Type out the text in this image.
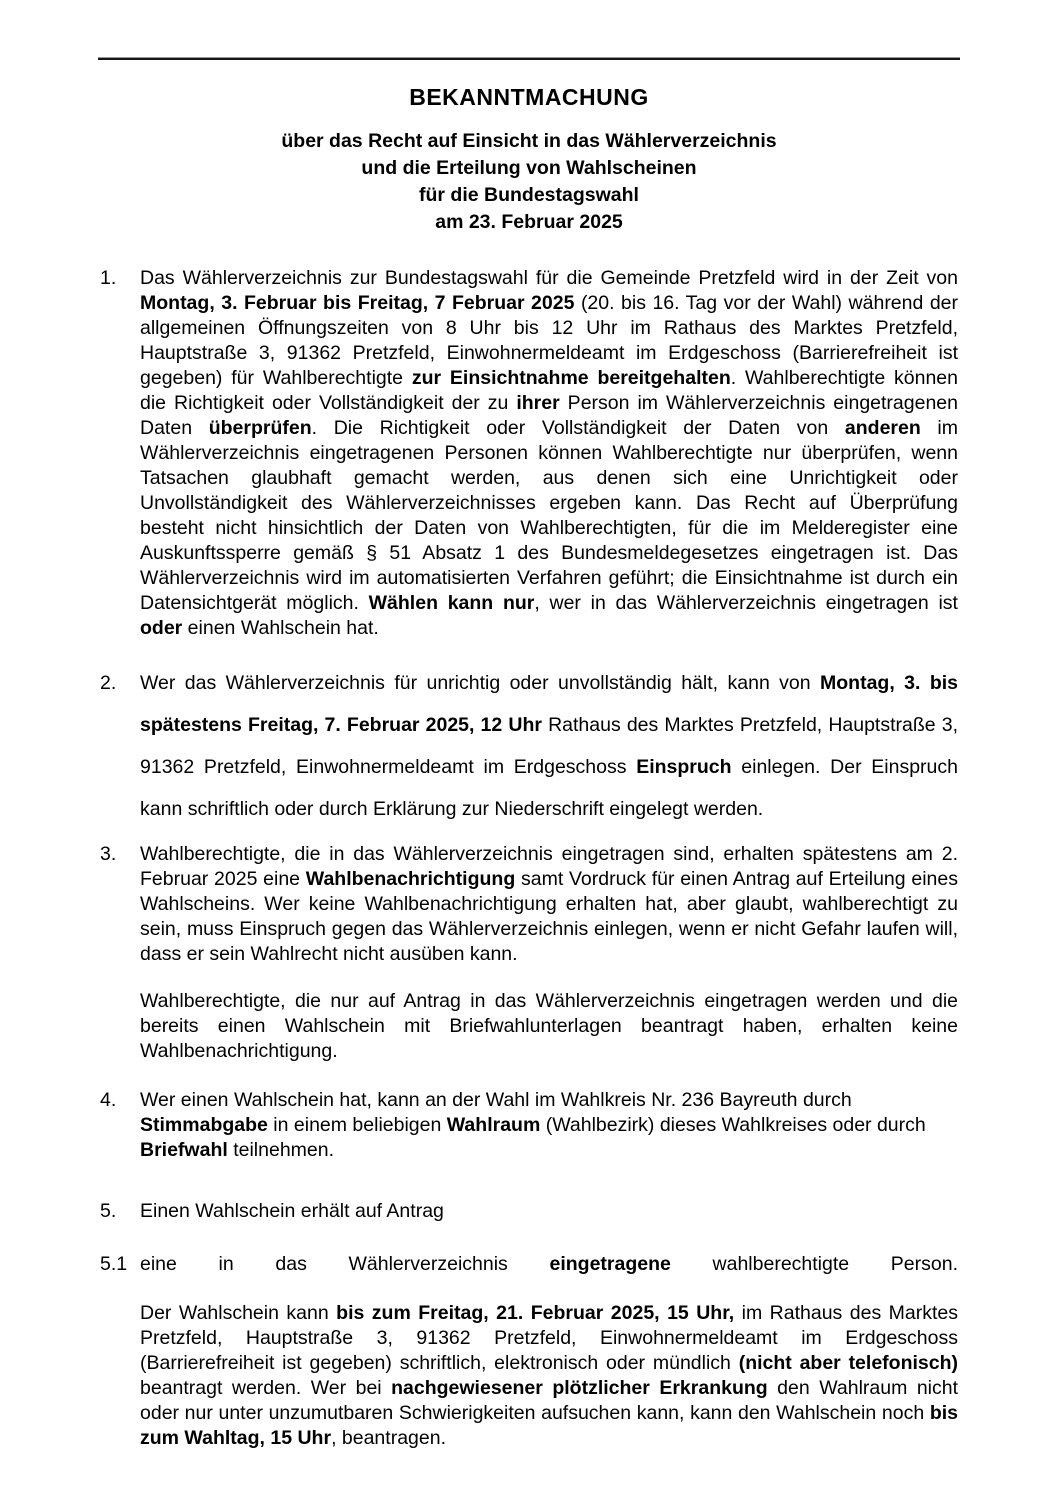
BEKANNTMACHUNG
über das Recht auf Einsicht in das Wählerverzeichnis
und die Erteilung von Wahlscheinen
für die Bundestagswahl
am 23. Februar 2025
1.	Das Wählerverzeichnis zur Bundestagswahl für die Gemeinde Pretzfeld wird in der Zeit von Montag, 3. Februar bis Freitag, 7 Februar 2025 (20. bis 16. Tag vor der Wahl) während der allgemeinen Öffnungszeiten von 8 Uhr bis 12 Uhr im Rathaus des Marktes Pretzfeld, Hauptstraße 3, 91362 Pretzfeld, Einwohnermeldeamt im Erdgeschoss (Barrierefreiheit ist gegeben) für Wahlberechtigte zur Einsichtnahme bereitgehalten. Wahlberechtigte können die Richtigkeit oder Vollständigkeit der zu ihrer Person im Wählerverzeichnis eingetragenen Daten überprüfen. Die Richtigkeit oder Vollständigkeit der Daten von anderen im Wählerverzeichnis eingetragenen Personen können Wahlberechtigte nur überprüfen, wenn Tatsachen glaubhaft gemacht werden, aus denen sich eine Unrichtigkeit oder Unvollständigkeit des Wählerverzeichnisses ergeben kann. Das Recht auf Überprüfung besteht nicht hinsichtlich der Daten von Wahlberechtigten, für die im Melderegister eine Auskunftssperre gemäß § 51 Absatz 1 des Bundesmeldegesetzes eingetragen ist. Das Wählerverzeichnis wird im automatisierten Verfahren geführt; die Einsichtnahme ist durch ein Datensichtgerät möglich. Wählen kann nur, wer in das Wählerverzeichnis eingetragen ist oder einen Wahlschein hat.
2.	Wer das Wählerverzeichnis für unrichtig oder unvollständig hält, kann von Montag, 3. bis spätestens Freitag, 7. Februar 2025, 12 Uhr Rathaus des Marktes Pretzfeld, Hauptstraße 3, 91362 Pretzfeld, Einwohnermeldeamt im Erdgeschoss Einspruch einlegen. Der Einspruch kann schriftlich oder durch Erklärung zur Niederschrift eingelegt werden.
3.	Wahlberechtigte, die in das Wählerverzeichnis eingetragen sind, erhalten spätestens am 2. Februar 2025 eine Wahlbenachrichtigung samt Vordruck für einen Antrag auf Erteilung eines Wahlscheins. Wer keine Wahlbenachrichtigung erhalten hat, aber glaubt, wahlberechtigt zu sein, muss Einspruch gegen das Wählerverzeichnis einlegen, wenn er nicht Gefahr laufen will, dass er sein Wahlrecht nicht ausüben kann.
Wahlberechtigte, die nur auf Antrag in das Wählerverzeichnis eingetragen werden und die bereits einen Wahlschein mit Briefwahlunterlagen beantragt haben, erhalten keine Wahlbenachrichtigung.
4.	Wer einen Wahlschein hat, kann an der Wahl im Wahlkreis Nr. 236 Bayreuth durch Stimmabgabe in einem beliebigen Wahlraum (Wahlbezirk) dieses Wahlkreises oder durch Briefwahl teilnehmen.
5.	Einen Wahlschein erhält auf Antrag
5.1 eine in das Wählerverzeichnis eingetragene wahlberechtigte Person.
Der Wahlschein kann bis zum Freitag, 21. Februar 2025, 15 Uhr, im Rathaus des Marktes Pretzfeld, Hauptstraße 3, 91362 Pretzfeld, Einwohnermeldeamt im Erdgeschoss (Barrierefreiheit ist gegeben) schriftlich, elektronisch oder mündlich (nicht aber telefonisch) beantragt werden. Wer bei nachgewiesener plötzlicher Erkrankung den Wahlraum nicht oder nur unter unzumutbaren Schwierigkeiten aufsuchen kann, kann den Wahlschein noch bis zum Wahltag, 15 Uhr, beantragen.
